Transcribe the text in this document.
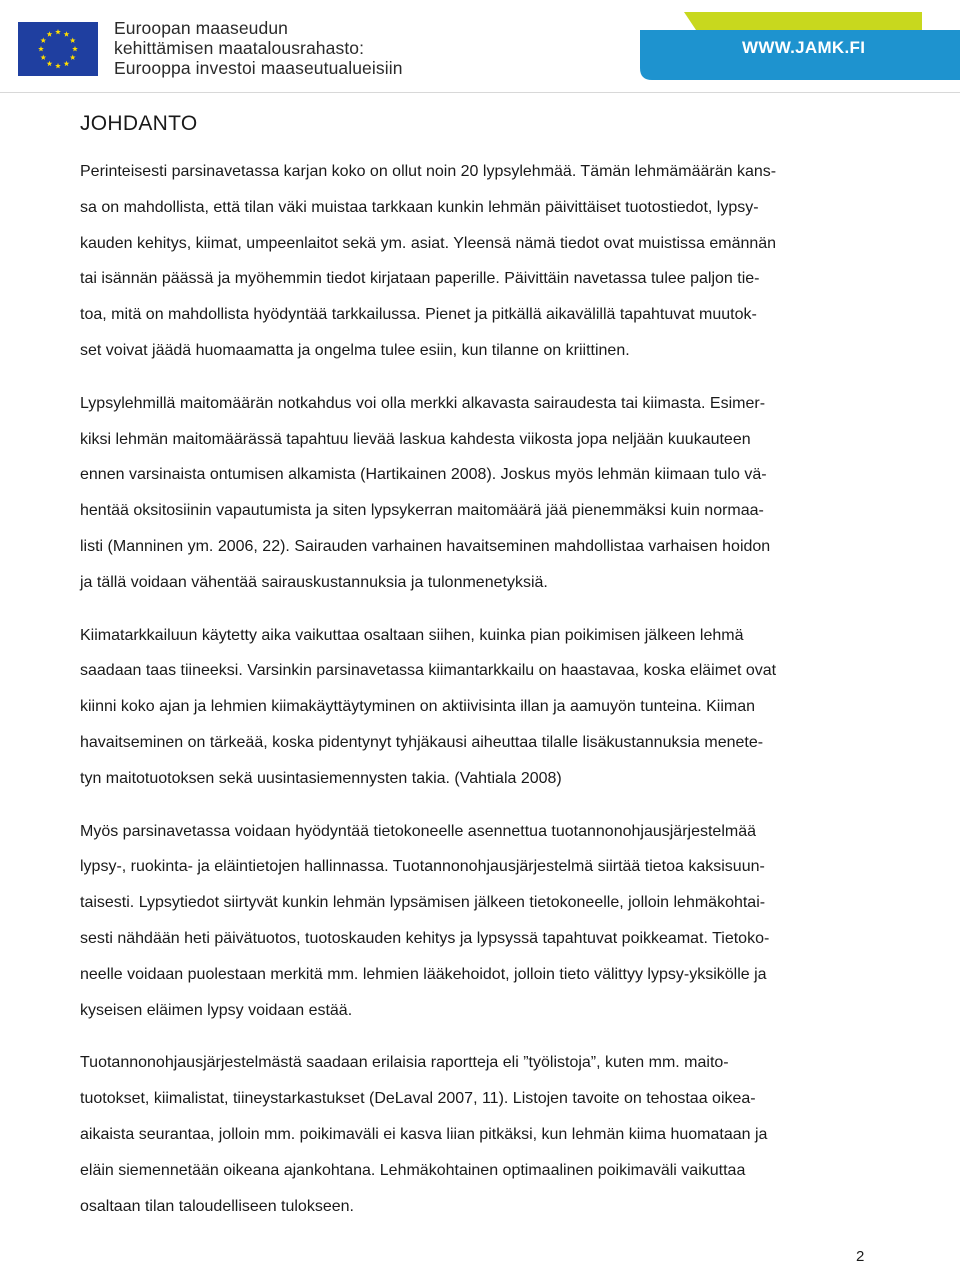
Euroopan maaseudun
kehittämisen maatalousrahasto:
Eurooppa investoi maaseutualueisiin
WWW.JAMK.FI
JOHDANTO
Perinteisesti parsinavetassa karjan koko on ollut noin 20 lypsylehmää. Tämän lehmämäärän kans-
sa on mahdollista, että tilan väki muistaa tarkkaan kunkin lehmän päivittäiset tuotostiedot, lypsy-
kauden kehitys, kiimat, umpeenlaitot sekä ym. asiat. Yleensä nämä tiedot ovat muistissa emännän
tai isännän päässä ja myöhemmin tiedot kirjataan paperille. Päivittäin navetassa tulee paljon tie-
toa, mitä on mahdollista hyödyntää tarkkailussa. Pienet ja pitkällä aikavälillä tapahtuvat muutok-
set voivat jäädä huomaamatta ja ongelma tulee esiin, kun tilanne on kriittinen.
Lypsylehmillä maitomäärän notkahdus voi olla merkki alkavasta sairaudesta tai kiimasta. Esimer-
kiksi lehmän maitomäärässä tapahtuu lievää laskua kahdesta viikosta jopa neljään kuukauteen
ennen varsinaista ontumisen alkamista (Hartikainen 2008). Joskus myös lehmän kiimaan tulo vä-
hentää oksitosiinin vapautumista ja siten lypsykerran maitomäärä jää pienemmäksi kuin normaa-
listi (Manninen ym. 2006, 22). Sairauden varhainen havaitseminen mahdollistaa varhaisen hoidon
ja tällä voidaan vähentää sairauskustannuksia ja tulonmenetyksiä.
Kiimatarkkailuun käytetty aika vaikuttaa osaltaan siihen, kuinka pian poikimisen jälkeen lehmä
saadaan taas tiineeksi. Varsinkin parsinavetassa kiimantarkkailu on haastavaa, koska eläimet ovat
kiinni koko ajan ja lehmien kiimakäyttäytyminen on aktiivisinta illan ja aamuyön tunteina. Kiiman
havaitseminen on tärkeää, koska pidentynyt tyhjäkausi aiheuttaa tilalle lisäkustannuksia menete-
tyn maitotuotoksen sekä uusintasiemennysten takia. (Vahtiala 2008)
Myös parsinavetassa voidaan hyödyntää tietokoneelle asennettua tuotannonohjausjärjestelmää
lypsy-, ruokinta- ja eläintietojen hallinnassa. Tuotannonohjausjärjestelmä siirtää tietoa kaksisuun-
taisesti. Lypsytiedot siirtyvät kunkin lehmän lypsämisen jälkeen tietokoneelle, jolloin lehmäkohtai-
sesti nähdään heti päivätuotos, tuotoskauden kehitys ja lypsyssä tapahtuvat poikkeamat. Tietoko-
neelle voidaan puolestaan merkitä mm. lehmien lääkehoidot, jolloin tieto välittyy lypsy-yksikölle ja
kyseisen eläimen lypsy voidaan estää.
Tuotannonohjausjärjestelmästä saadaan erilaisia raportteja eli ”työlistoja”, kuten mm. maito-
tuotokset, kiimalistat, tiineystarkastukset (DeLaval 2007, 11). Listojen tavoite on tehostaa oikea-
aikaista seurantaa, jolloin mm. poikimaväli ei kasva liian pitkäksi, kun lehmän kiima huomataan ja
eläin siemennetään oikeana ajankohtana. Lehmäkohtainen optimaalinen poikimaväli vaikuttaa
osaltaan tilan taloudelliseen tulokseen.
2
